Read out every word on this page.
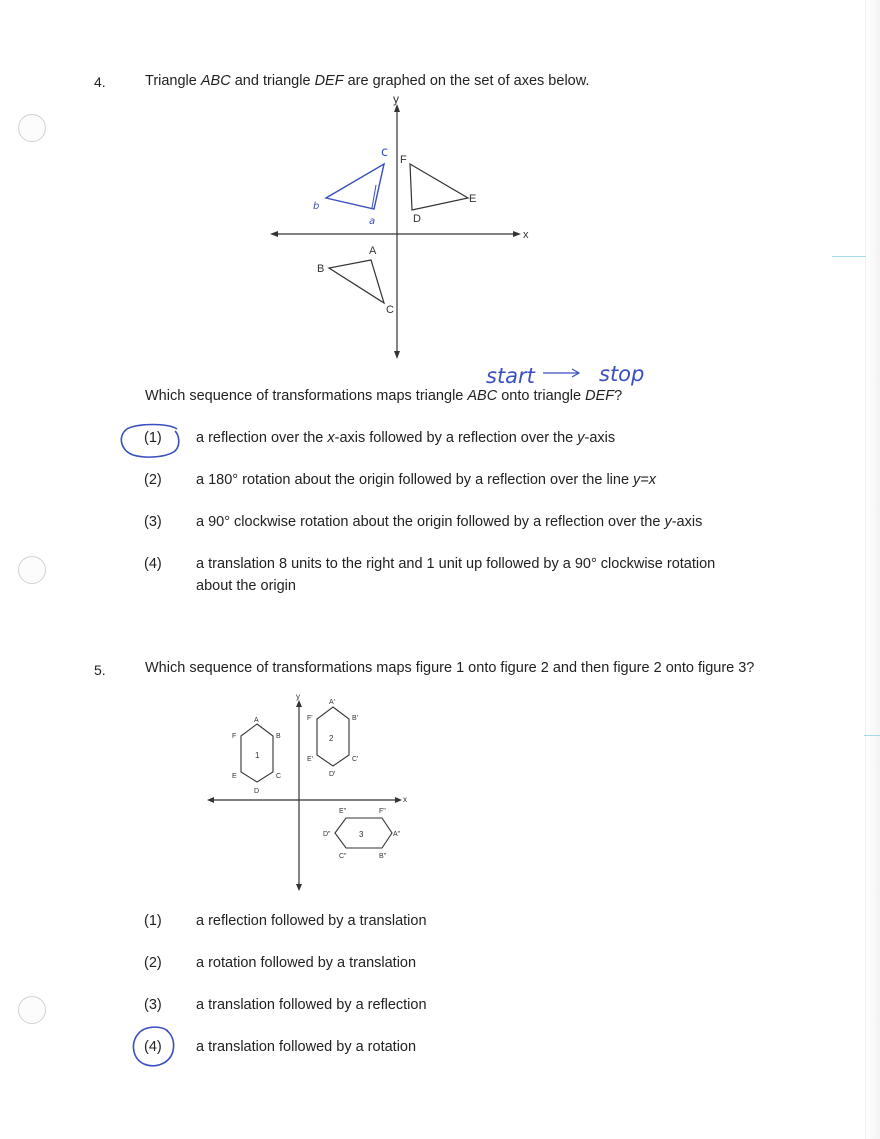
4.	Triangle ABC and triangle DEF are graphed on the set of axes below.
y
x
F
E
D
A
B
C
c
b
a
start	stop
Which sequence of transformations maps triangle ABC onto triangle DEF?
(1) a reflection over the x-axis followed by a reflection over the y-axis
(2) a 180° rotation about the origin followed by a reflection over the line y=x
(3) a 90° clockwise rotation about the origin followed by a reflection over the y-axis
(4) a translation 8 units to the right and 1 unit up followed by a 90° clockwise rotation
about the origin
5.	Which sequence of transformations maps figure 1 onto figure 2 and then figure 2 onto figure 3?
y
x
1
A
B
C
D
E
F	2
A'
B'
C'
D'
E'
F'
3	A"
B"
C"
D"
E"	F"
(1) a reflection followed by a translation
(2) a rotation followed by a translation
(3) a translation followed by a reflection
(4) a translation followed by a rotation
